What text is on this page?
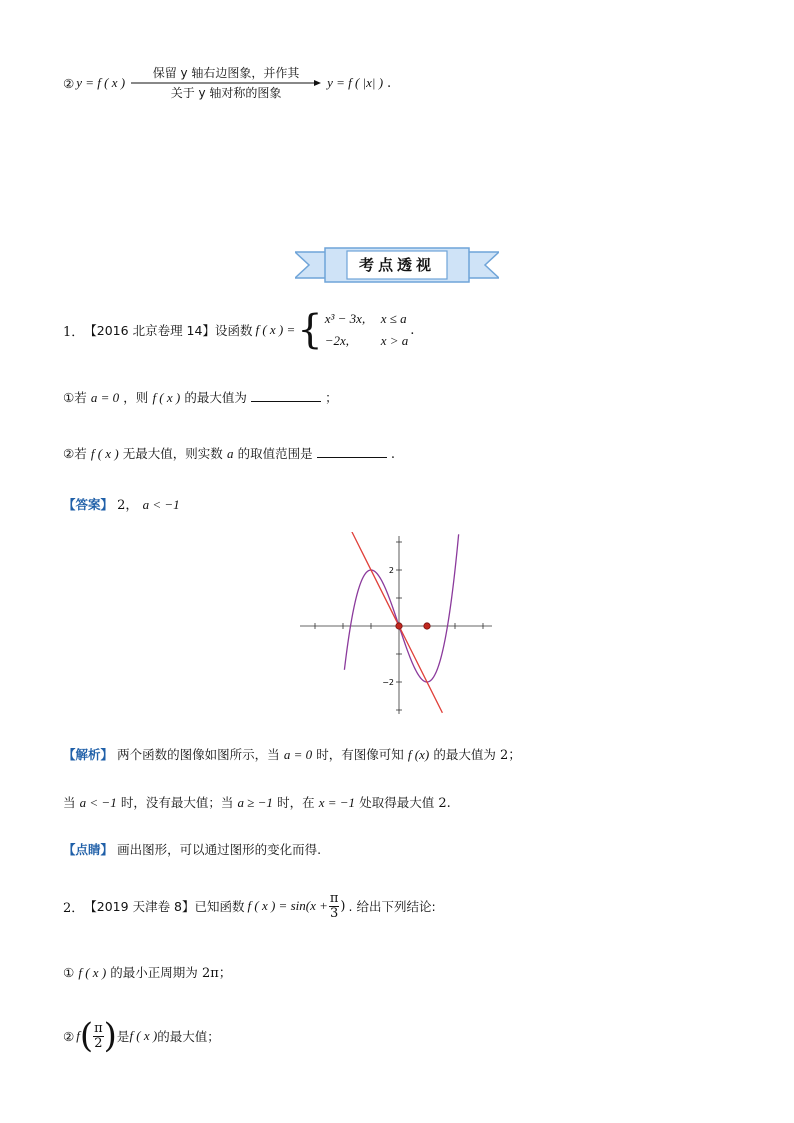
② y = f ( x )
保留 y 轴右边图象，并作其
关于 y 轴对称的图象
y = f ( |x| ) .
考点透视
1． 【2016 北京卷理 14】 设函数 f ( x ) = { x³ − 3x,	x ≤ a
−2x,	x > a
.
①若 a = 0 ，则 f ( x ) 的最大值为	；
②若 f ( x ) 无最大值，则实数 a 的取值范围是	.
【答案】 2， a < −1
2
−2
【解析】 两个函数的图像如图所示，当 a = 0 时，有图像可知 f (x) 的最大值为 2；
当 a < −1 时，没有最大值；当 a ≥ −1 时，在 x = −1 处取得最大值 2.
【点睛】 画出图形，可以通过图形的变化而得.
2． 【2019 天津卷 8】 已知函数 f ( x ) = $\sin(x + \frac{\pi}{3}$ ) . 给出下列结论:
① f ( x ) 的最小正周期为 2π；
② f ( $\frac{\pi}{2}$ ) 是 f ( x ) 的最大值；
